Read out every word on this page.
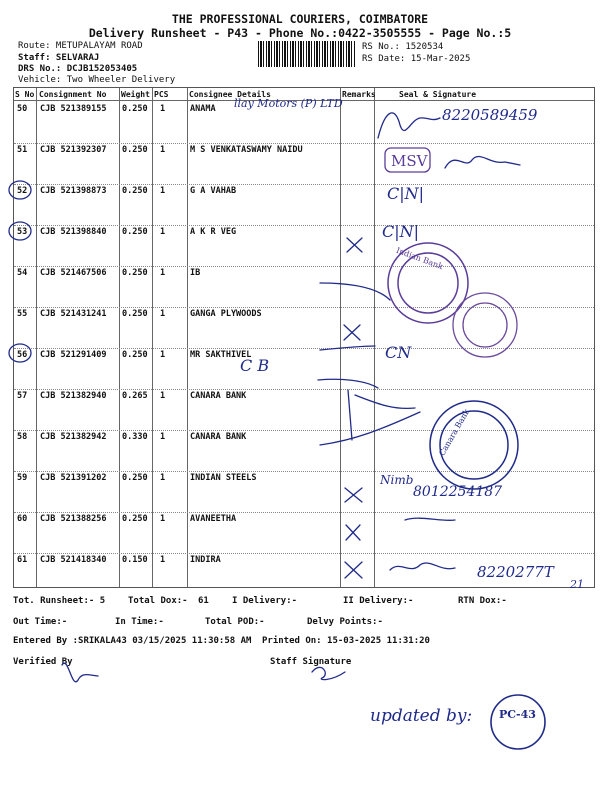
THE PROFESSIONAL COURIERS, COIMBATORE
Delivery Runsheet - P43 - Phone No.:0422-3505555 - Page No.:5
Route: METUPALAYAM ROAD
Staff: SELVARAJ
DRS No.: DCJB152053405
Vehicle: Two Wheeler Delivery
RS No.: 1520534
RS Date: 15-Mar-2025
S No Consignment No Weight PCS	Consignee Details	Remarks	Seal & Signature
50 CJB 521389155 0.250 1	ANAMA
51 CJB 521392307 0.250 1	M S VENKATASWAMY NAIDU
52 CJB 521398873 0.250 1	G A VAHAB
53 CJB 521398840 0.250 1	A K R VEG
54 CJB 521467506 0.250 1	IB
55 CJB 521431241 0.250 1	GANGA PLYWOODS
56 CJB 521291409 0.250 1	MR SAKTHIVEL
57 CJB 521382940 0.265 1	CANARA BANK
58 CJB 521382942 0.330 1	CANARA BANK
59 CJB 521391202 0.250 1	INDIAN STEELS
60 CJB 521388256 0.250 1	AVANEETHA
61 CJB 521418340 0.150 1	INDIRA
Tot. Runsheet:- 5	Total Dox:- 61	I Delivery:-	II Delivery:-	RTN Dox:-
Out Time:-	In Time:-	Total POD:-	Delvy Points:-
Entered By :SRIKALA43 03/15/2025 11:30:58 AM Printed On: 15-03-2025 11:31:20
Verified By	Staff Signature
llay Motors (P) LTD
8220589459
MSV
C|N|
C|N|
C B
CN
Nimb
8012254187
8220277T
21
updated by: PC-43
Indian Bank
Canara Bank
